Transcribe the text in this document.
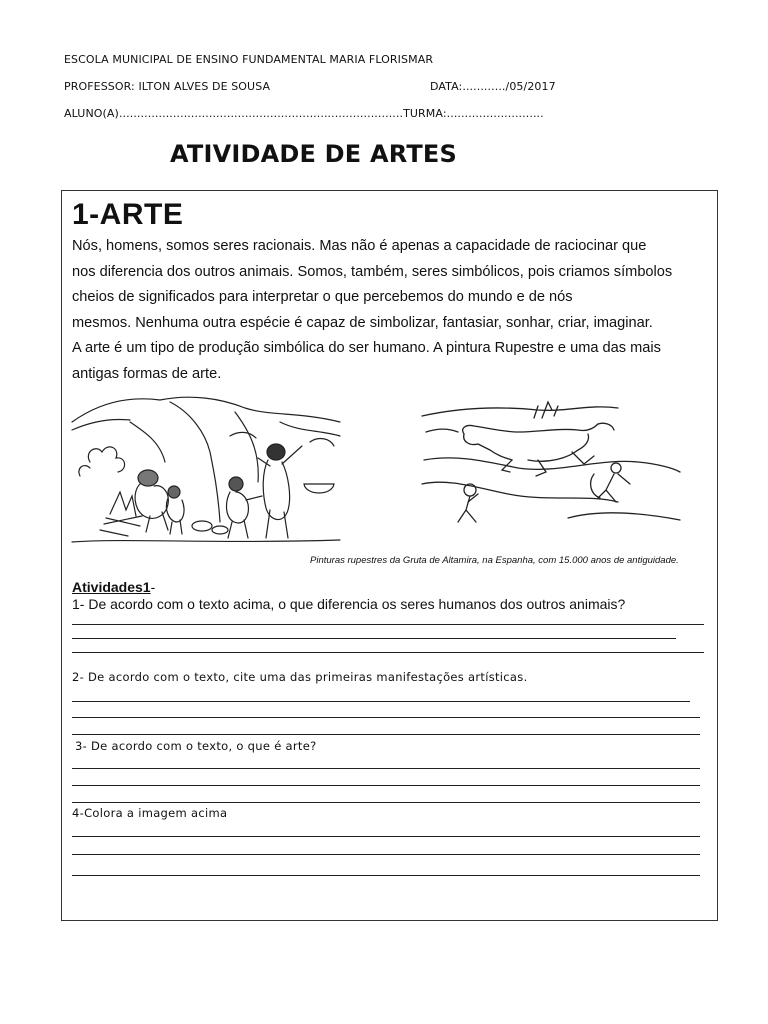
ESCOLA MUNICIPAL DE ENSINO FUNDAMENTAL MARIA FLORISMAR
PROFESSOR: ILTON ALVES DE SOUSA	DATA:............/05/2017
ALUNO(A)...............................................................................TURMA:...........................
ATIVIDADE DE ARTES
1-ARTE
Nós, homens, somos seres racionais. Mas não é apenas a capacidade de raciocinar que
nos diferencia dos outros animais. Somos, também, seres simbólicos, pois criamos símbolos
cheios de significados para interpretar o que percebemos do mundo e de nós
mesmos. Nenhuma outra espécie é capaz de simbolizar, fantasiar, sonhar, criar, imaginar.
A arte é um tipo de produção simbólica do ser humano. A pintura Rupestre e uma das mais
antigas formas de arte.
Pinturas rupestres da Gruta de Altamira, na Espanha, com 15.000 anos de antiguidade.
Atividades1-
1- De acordo com o texto acima, o que diferencia os seres humanos dos outros animais?
2- De acordo com o texto, cite uma das primeiras manifestações artísticas.
3- De acordo com o texto, o que é arte?
4-Colora a imagem acima
